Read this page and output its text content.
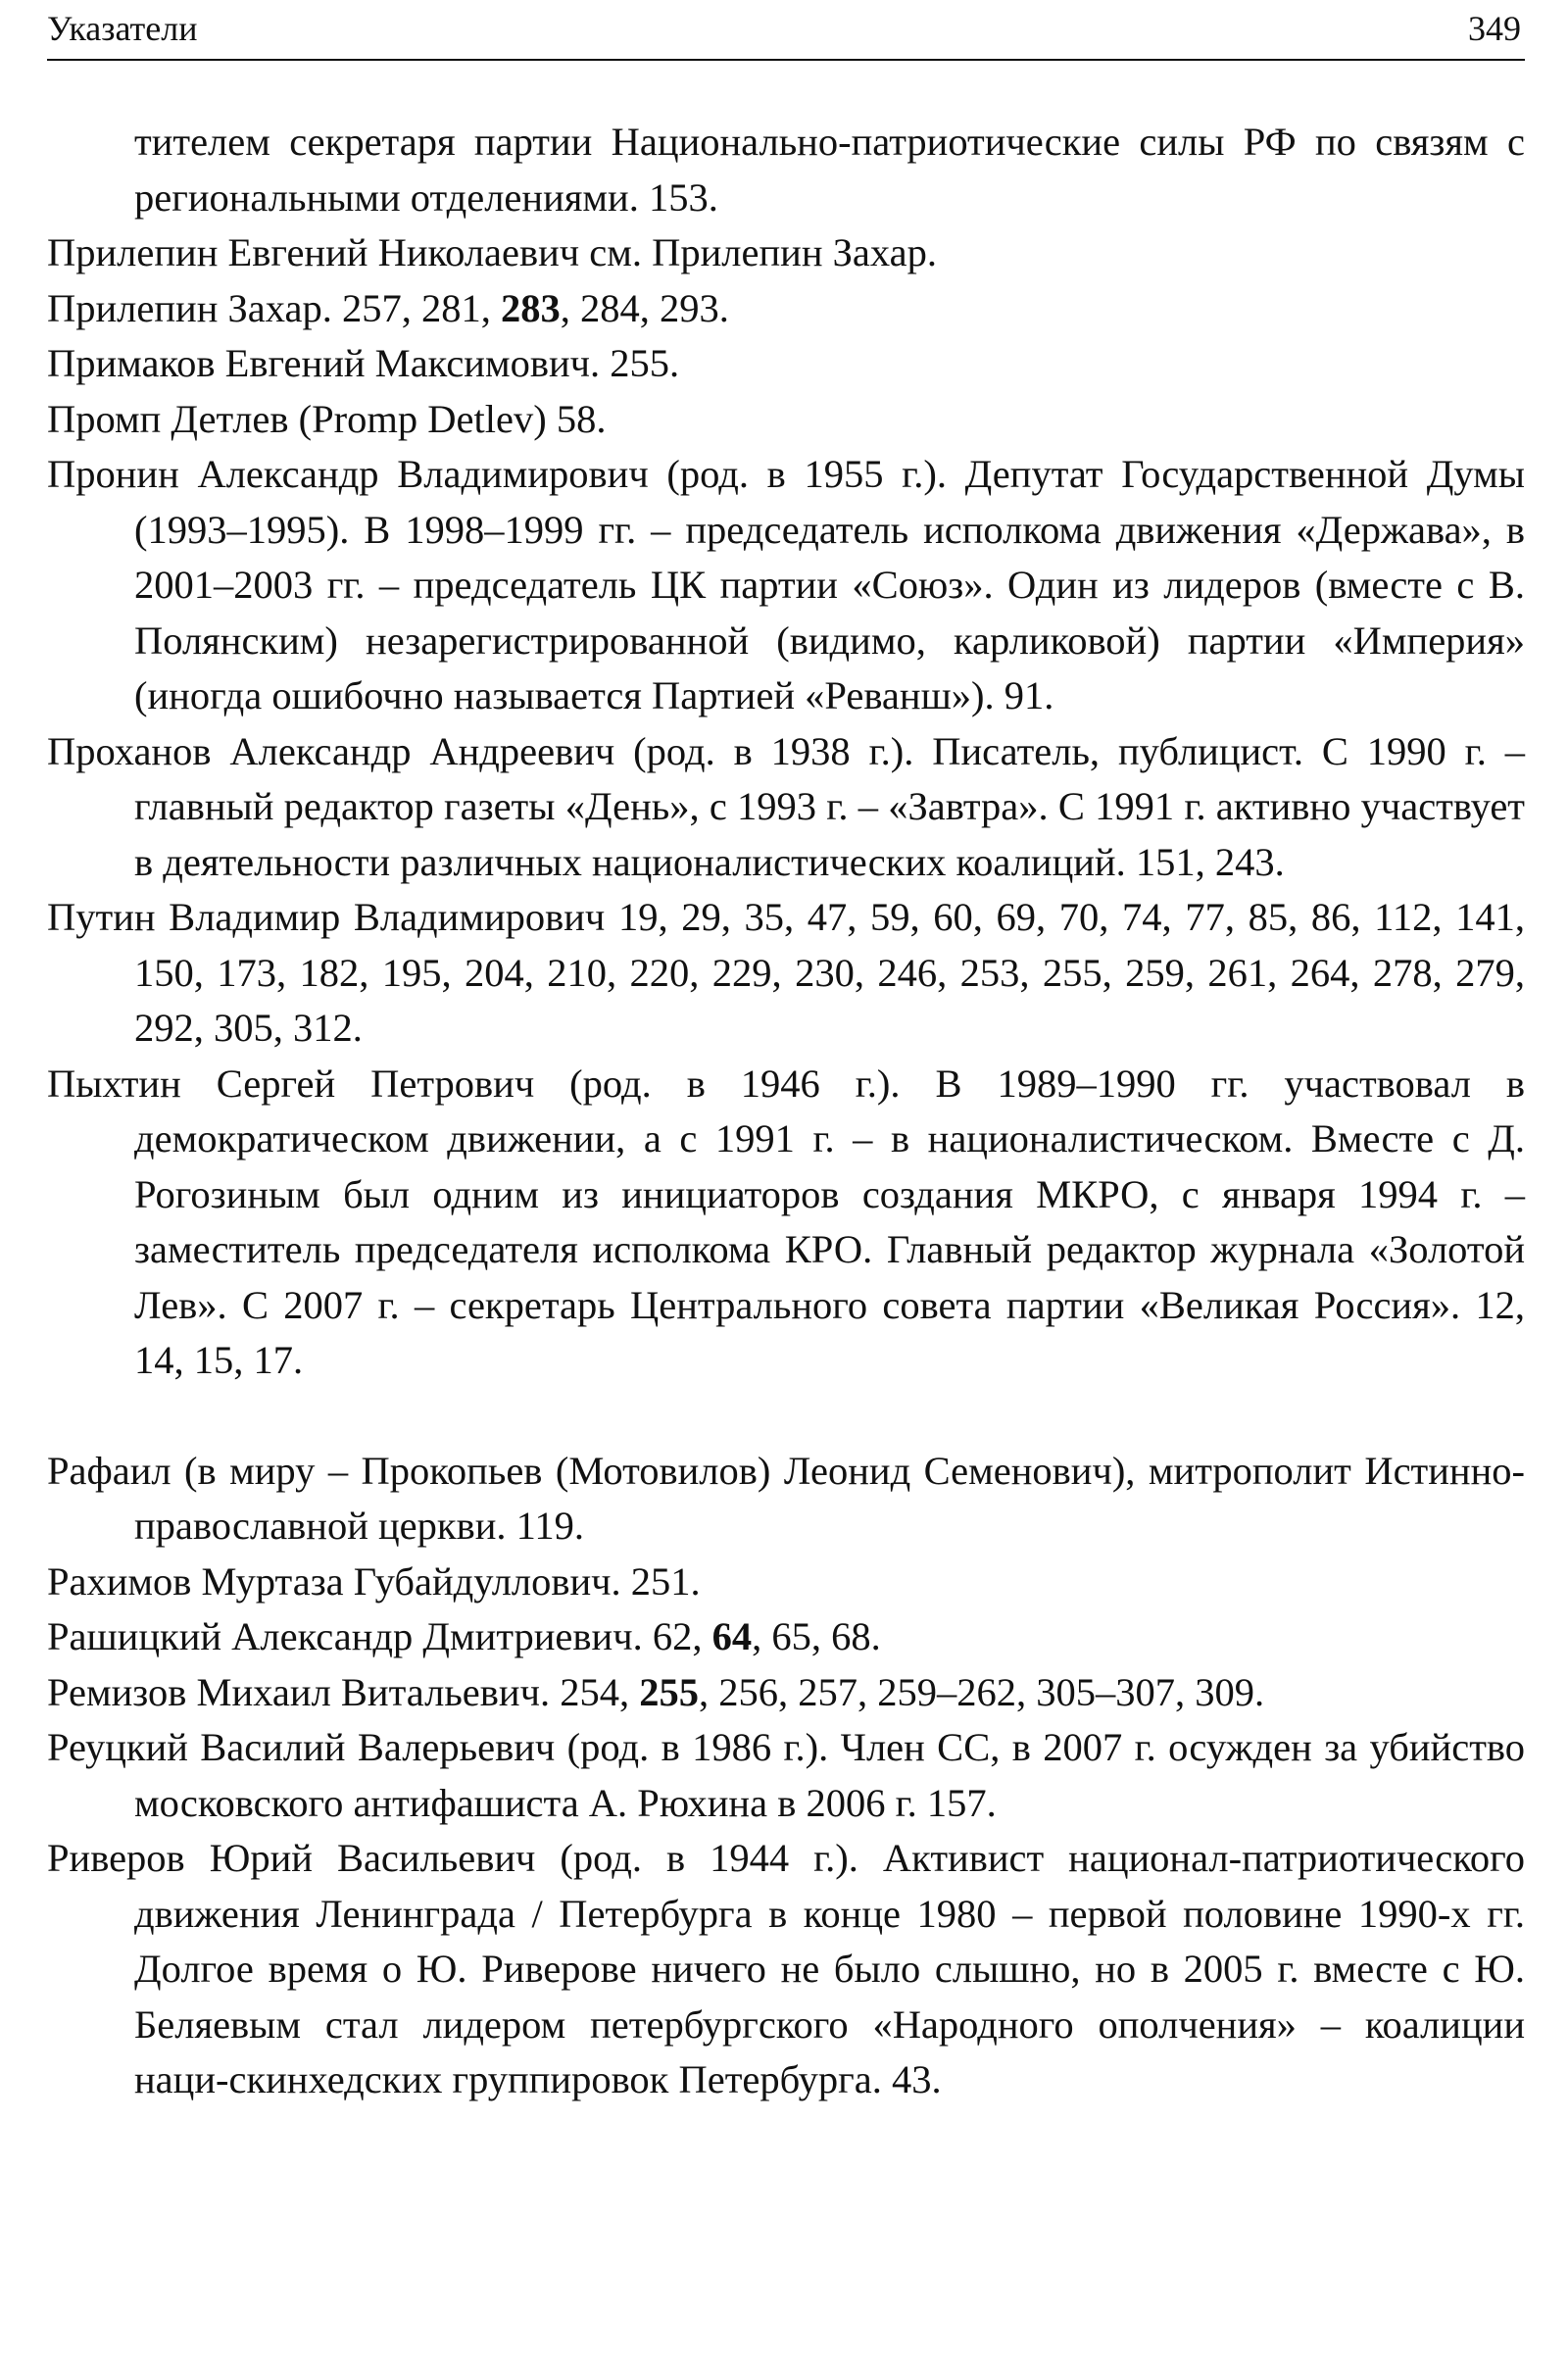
Указатели	349

тителем секретаря партии Национально-патриотические силы РФ по связям с региональными отделениями. 153.

Прилепин Евгений Николаевич см. Прилепин Захар.

Прилепин Захар. 257, 281, 283, 284, 293.

Примаков Евгений Максимович. 255.

Промп Детлев (Promp Detlev) 58.

Пронин Александр Владимирович (род. в 1955 г.). Депутат Государственной Думы (1993–1995). В 1998–1999 гг. – председатель исполкома движения «Держава», в 2001–2003 гг. – председатель ЦК партии «Союз». Один из лидеров (вместе с В. Полянским) незарегистрированной (видимо, карликовой) партии «Империя» (иногда ошибочно называется Партией «Реванш»). 91.

Проханов Александр Андреевич (род. в 1938 г.). Писатель, публицист. С 1990 г. – главный редактор газеты «День», с 1993 г. – «Завтра». С 1991 г. активно участвует в деятельности различных националистических коалиций. 151, 243.

Путин Владимир Владимирович 19, 29, 35, 47, 59, 60, 69, 70, 74, 77, 85, 86, 112, 141, 150, 173, 182, 195, 204, 210, 220, 229, 230, 246, 253, 255, 259, 261, 264, 278, 279, 292, 305, 312.

Пыхтин Сергей Петрович (род. в 1946 г.). В 1989–1990 гг. участвовал в демократическом движении, а с 1991 г. – в националистическом. Вместе с Д. Рогозиным был одним из инициаторов создания МКРО, с января 1994 г. – заместитель председателя исполкома КРО. Главный редактор журнала «Золотой Лев». С 2007 г. – секретарь Центрального совета партии «Великая Россия». 12, 14, 15, 17.

Рафаил (в миру – Прокопьев (Мотовилов) Леонид Семенович), митрополит Истинно-православной церкви. 119.

Рахимов Муртаза Губайдуллович. 251.

Рашицкий Александр Дмитриевич. 62, 64, 65, 68.

Ремизов Михаил Витальевич. 254, 255, 256, 257, 259–262, 305–307, 309.

Реуцкий Василий Валерьевич (род. в 1986 г.). Член СС, в 2007 г. осужден за убийство московского антифашиста А. Рюхина в 2006 г. 157.

Риверов Юрий Васильевич (род. в 1944 г.). Активист национал-патриотического движения Ленинграда / Петербурга в конце 1980 – первой половине 1990-х гг. Долгое время о Ю. Риверове ничего не было слышно, но в 2005 г. вместе с Ю. Беляевым стал лидером петербургского «Народного ополчения» – коалиции наци-скинхедских группировок Петербурга. 43.
